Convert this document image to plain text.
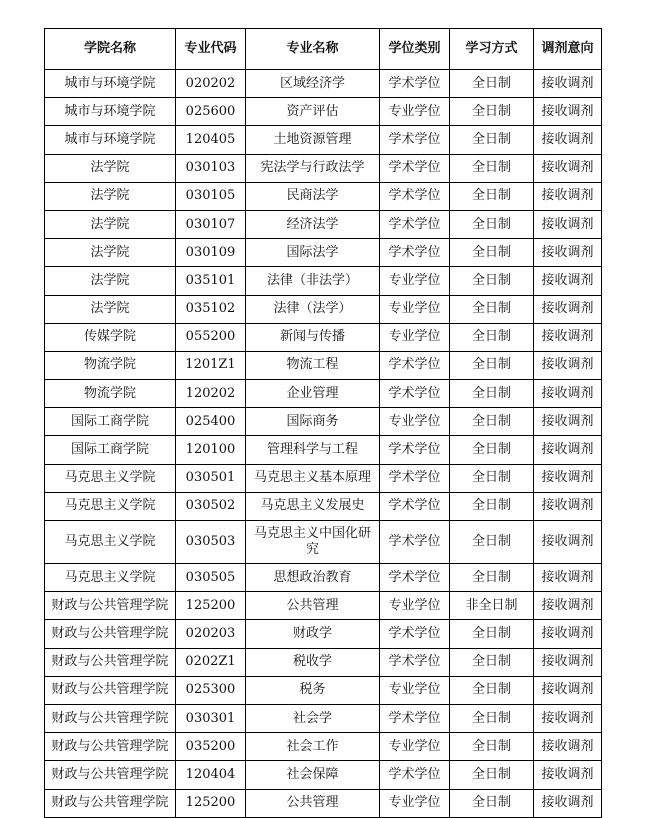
学院名称	专业代码	专业名称	学位类别	学习方式	调剂意向
城市与环境学院	020202	区域经济学	学术学位	全日制	接收调剂
城市与环境学院	025600	资产评估	专业学位	全日制	接收调剂
城市与环境学院	120405	土地资源管理	学术学位	全日制	接收调剂
法学院	030103	宪法学与行政法学	学术学位	全日制	接收调剂
法学院	030105	民商法学	学术学位	全日制	接收调剂
法学院	030107	经济法学	学术学位	全日制	接收调剂
法学院	030109	国际法学	学术学位	全日制	接收调剂
法学院	035101	法律（非法学）	专业学位	全日制	接收调剂
法学院	035102	法律（法学）	专业学位	全日制	接收调剂
传媒学院	055200	新闻与传播	专业学位	全日制	接收调剂
物流学院	1201Z1	物流工程	学术学位	全日制	接收调剂
物流学院	120202	企业管理	学术学位	全日制	接收调剂
国际工商学院	025400	国际商务	专业学位	全日制	接收调剂
国际工商学院	120100	管理科学与工程	学术学位	全日制	接收调剂
马克思主义学院	030501	马克思主义基本原理	学术学位	全日制	接收调剂
马克思主义学院	030502	马克思主义发展史	学术学位	全日制	接收调剂
马克思主义学院	030503	马克思主义中国化研究	学术学位	全日制	接收调剂
马克思主义学院	030505	思想政治教育	学术学位	全日制	接收调剂
财政与公共管理学院	125200	公共管理	专业学位	非全日制	接收调剂
财政与公共管理学院	020203	财政学	学术学位	全日制	接收调剂
财政与公共管理学院	0202Z1	税收学	学术学位	全日制	接收调剂
财政与公共管理学院	025300	税务	专业学位	全日制	接收调剂
财政与公共管理学院	030301	社会学	学术学位	全日制	接收调剂
财政与公共管理学院	035200	社会工作	专业学位	全日制	接收调剂
财政与公共管理学院	120404	社会保障	学术学位	全日制	接收调剂
财政与公共管理学院	125200	公共管理	专业学位	全日制	接收调剂
